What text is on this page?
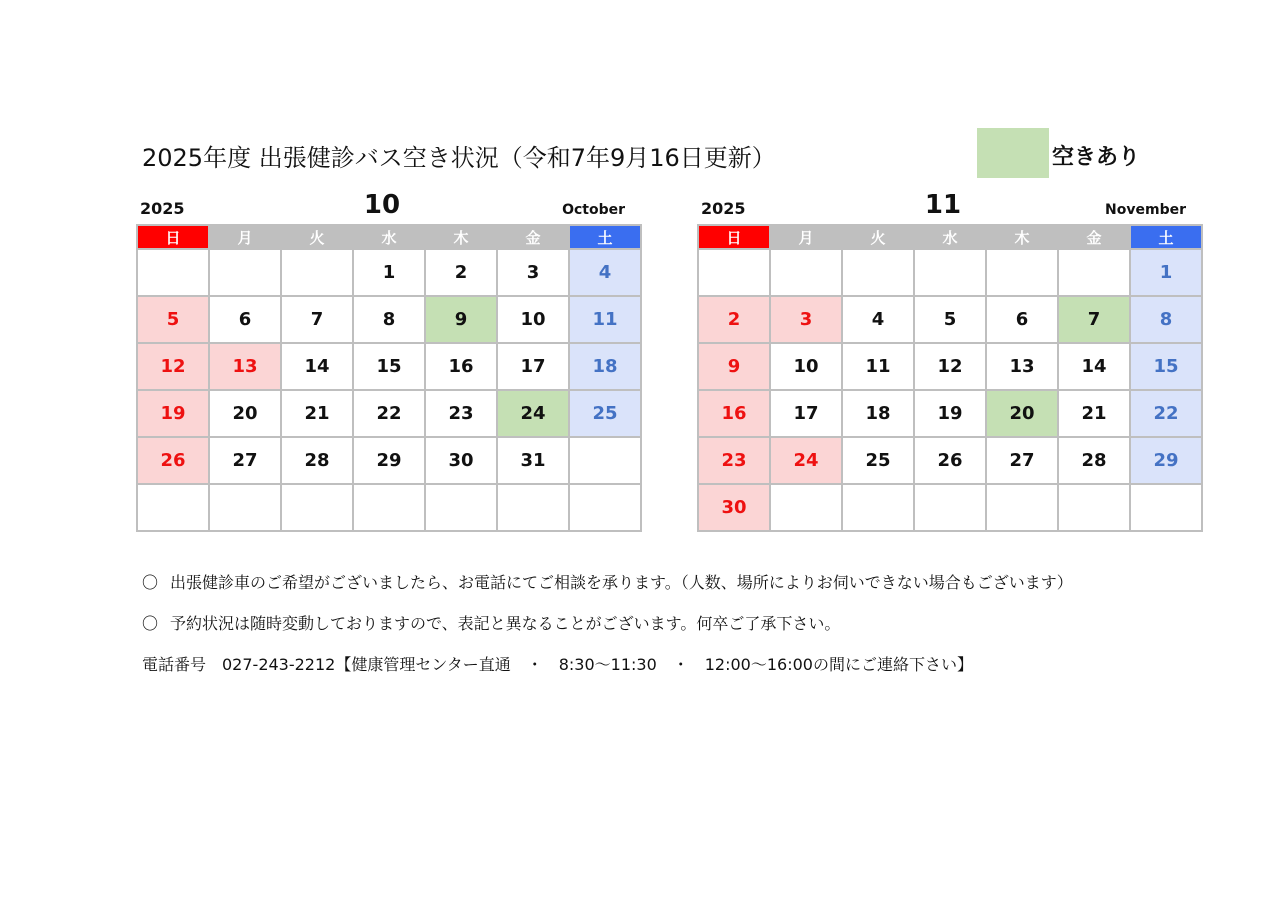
2025年度 出張健診バス空き状況（令和7年9月16日更新）	空きあり
2025	10	October
日	月	火	水	木	金	土
			1	2	3	4
5	6	7	8	9	10	11
12	13	14	15	16	17	18
19	20	21	22	23	24	25
26	27	28	29	30	31	

2025	11	November
日	月	火	水	木	金	土
						1
2	3	4	5	6	7	8
9	10	11	12	13	14	15
16	17	18	19	20	21	22
23	24	25	26	27	28	29
30						
〇 出張健診車のご希望がございましたら、お電話にてご相談を承ります。（人数、場所によりお伺いできない場合もございます）
〇 予約状況は随時変動しておりますので、表記と異なることがございます。何卒ご了承下さい。
電話番号　027-243-2212【健康管理センター直通　・　8:30～11:30　・　12:00～16:00の間にご連絡下さい】
